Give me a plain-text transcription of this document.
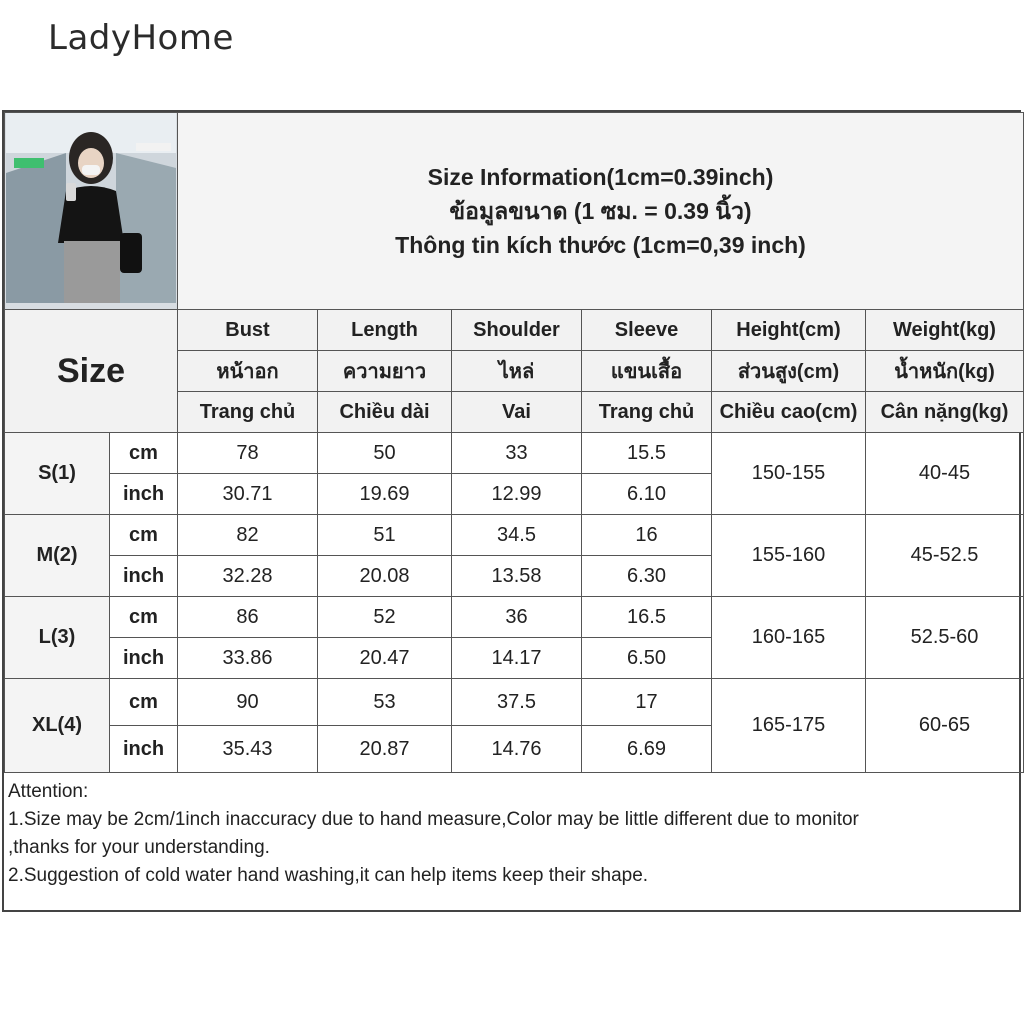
LadyHome

Size Information(1cm=0.39inch)
ข้อมูลขนาด (1 ซม. = 0.39 นิ้ว)
Thông tin kích thước (1cm=0,39 inch)					

Size		Bust	Length	Shoulder	Sleeve	Height(cm)	Weight(kg)
		หน้าอก	ความยาว	ไหล่	แขนเสื้อ	ส่วนสูง(cm)	น้ำหนัก(kg)
		Trang chủ	Chiều dài	Vai	Trang chủ	Chiều cao(cm)	Cân nặng(kg)
S(1)	cm	78	50	33	15.5	150-155	40-45
	inch	30.71	19.69	12.99	6.10		
M(2)	cm	82	51	34.5	16	155-160	45-52.5
	inch	32.28	20.08	13.58	6.30		
L(3)	cm	86	52	36	16.5	160-165	52.5-60
	inch	33.86	20.47	14.17	6.50		
XL(4)	cm	90	53	37.5	17	165-175	60-65
	inch	35.43	20.87	14.76	6.69		
Attention:
1.Size may be 2cm/1inch inaccuracy due to hand measure,Color may be little different due to monitor
,thanks for your understanding.
2.Suggestion of cold water hand washing,it can help items keep their shape.
